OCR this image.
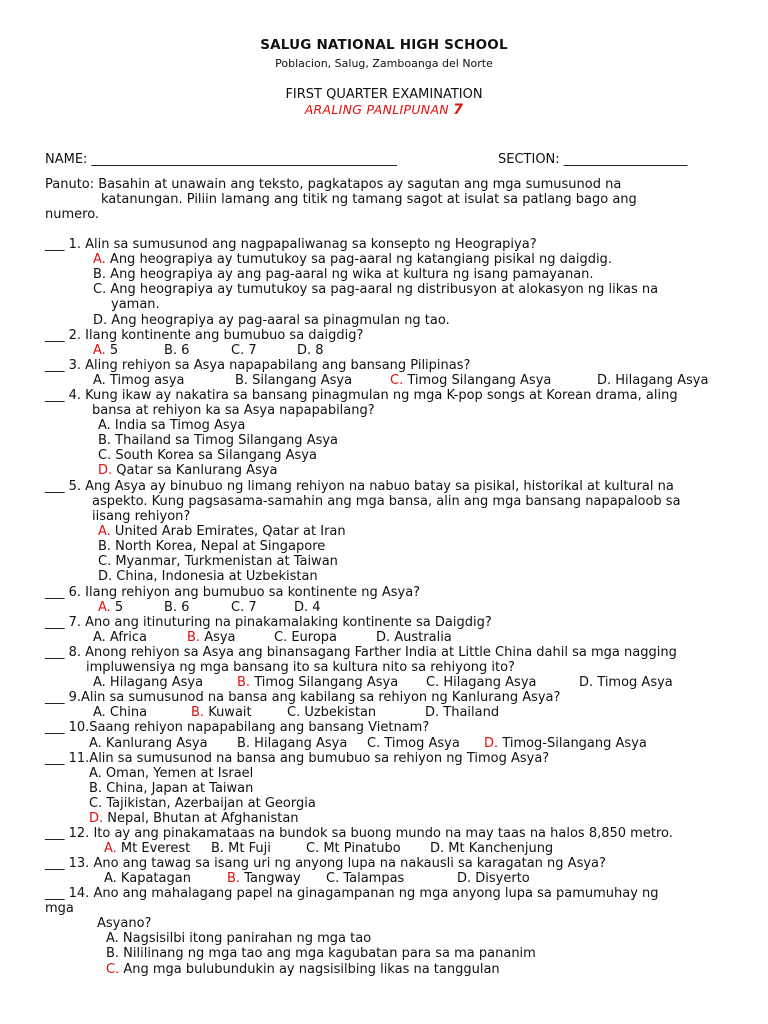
SALUG NATIONAL HIGH SCHOOL
Poblacion, Salug, Zamboanga del Norte
FIRST QUARTER EXAMINATION
ARALING PANLIPUNAN 7
NAME: _______________________________________________	SECTION: ___________________
Panuto: Basahin at unawain ang teksto, pagkatapos ay sagutan ang mga sumusunod na
katanungan. Piliin lamang ang titik ng tamang sagot at isulat sa patlang bago ang
numero.
___ 1. Alin sa sumusunod ang nagpapaliwanag sa konsepto ng Heograpiya?
A. Ang heograpiya ay tumutukoy sa pag-aaral ng katangiang pisikal ng daigdig.
B. Ang heograpiya ay ang pag-aaral ng wika at kultura ng isang pamayanan.
C. Ang heograpiya ay tumutukoy sa pag-aaral ng distribusyon at alokasyon ng likas na
yaman.
D. Ang heograpiya ay pag-aaral sa pinagmulan ng tao.
___ 2. Ilang kontinente ang bumubuo sa daigdig?
A. 5	B. 6	C. 7	D. 8
___ 3. Aling rehiyon sa Asya napapabilang ang bansang Pilipinas?
A. Timog asya	B. Silangang Asya	C. Timog Silangang Asya	D. Hilagang Asya
___ 4. Kung ikaw ay nakatira sa bansang pinagmulan ng mga K-pop songs at Korean drama, aling
bansa at rehiyon ka sa Asya napapabilang?
A. India sa Timog Asya
B. Thailand sa Timog Silangang Asya
C. South Korea sa Silangang Asya
D. Qatar sa Kanlurang Asya
___ 5. Ang Asya ay binubuo ng limang rehiyon na nabuo batay sa pisikal, historikal at kultural na
aspekto. Kung pagsasama-samahin ang mga bansa, alin ang mga bansang napapaloob sa
iisang rehiyon?
A. United Arab Emirates, Qatar at Iran
B. North Korea, Nepal at Singapore
C. Myanmar, Turkmenistan at Taiwan
D. China, Indonesia at Uzbekistan
___ 6. Ilang rehiyon ang bumubuo sa kontinente ng Asya?
A. 5	B. 6	C. 7	D. 4
___ 7. Ano ang itinuturing na pinakamalaking kontinente sa Daigdig?
A. Africa	B. Asya	C. Europa	D. Australia
___ 8. Anong rehiyon sa Asya ang binansagang Farther India at Little China dahil sa mga nagging
impluwensiya ng mga bansang ito sa kultura nito sa rehiyong ito?
A. Hilagang Asya	B. Timog Silangang Asya C. Hilagang Asya	D. Timog Asya
___ 9.Alin sa sumusunod na bansa ang kabilang sa rehiyon ng Kanlurang Asya?
A. China	B. Kuwait	C. Uzbekistan	D. Thailand
___ 10.Saang rehiyon napapabilang ang bansang Vietnam?
A. Kanlurang Asya B. Hilagang Asya C. Timog Asya D. Timog-Silangang Asya
___ 11.Alin sa sumusunod na bansa ang bumubuo sa rehiyon ng Timog Asya?
A. Oman, Yemen at Israel
B. China, Japan at Taiwan
C. Tajikistan, Azerbaijan at Georgia
D. Nepal, Bhutan at Afghanistan
___ 12. Ito ay ang pinakamataas na bundok sa buong mundo na may taas na halos 8,850 metro.
A. Mt Everest B. Mt Fuji	C. Mt Pinatubo D. Mt Kanchenjung
___ 13. Ano ang tawag sa isang uri ng anyong lupa na nakausli sa karagatan ng Asya?
A. Kapatagan	B. Tangway C. Talampas	D. Disyerto
___ 14. Ano ang mahalagang papel na ginagampanan ng mga anyong lupa sa pamumuhay ng
mga
Asyano?
A. Nagsisilbi itong panirahan ng mga tao
B. Nililinang ng mga tao ang mga kagubatan para sa ma pananim
C. Ang mga bulubundukin ay nagsisilbing likas na tanggulan
